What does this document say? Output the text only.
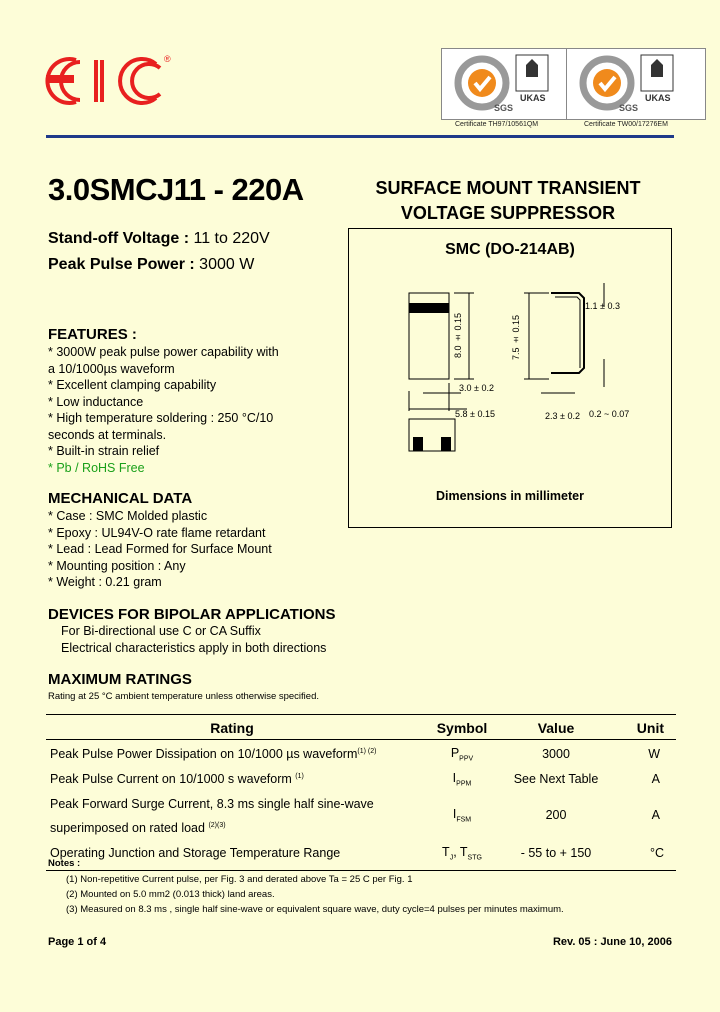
®
SGS
UKAS
SGS
UKAS
Certificate TH97/10561QM	Certificate TW00/17276EM
3.0SMCJ11 - 220A	SURFACE MOUNT TRANSIENT
VOLTAGE SUPPRESSOR
Stand-off Voltage : 11 to 220V
Peak Pulse Power : 3000 W
SMC (DO-214AB)
8.0 ± 0.15
3.0 ± 0.2
5.8 ± 0.15
7.5 ± 0.15
1.1 ± 0.3
2.3 ± 0.2 0.2 ~ 0.07
Dimensions in millimeter
FEATURES :
* 3000W peak pulse power capability with
a 10/1000µs waveform
* Excellent clamping capability
* Low inductance
* High temperature soldering : 250 °C/10
seconds at terminals.
* Built-in strain relief
* Pb / RoHS Free
MECHANICAL DATA
* Case : SMC Molded plastic
* Epoxy : UL94V-O rate flame retardant
* Lead : Lead Formed for Surface Mount
* Mounting position : Any
* Weight : 0.21 gram
DEVICES FOR BIPOLAR APPLICATIONS
For Bi-directional use C or CA Suffix
Electrical characteristics apply in both directions
MAXIMUM RATINGS
Rating at 25 °C ambient temperature unless otherwise specified.
Rating	Symbol	Value	Unit
Peak Pulse Power Dissipation on 10/1000 µs waveform$^{(1) (2)}$	$P_{PPV}$	3000	W
Peak Pulse Current on 10/1000 s waveform $^{(1)}$	$I_{PPM}$	See Next Table	A
Peak Forward Surge Current, 8.3 ms single half sine-wave
superimposed on rated load $^{(2)(3)}$	$I_{FSM}$	200	A
Operating Junction and Storage Temperature Range	$T_J$, $T_{STG}$	- 55 to + 150	°C
Notes :
(1) Non-repetitive Current pulse, per Fig. 3 and derated above Ta = 25 C per Fig. 1
(2) Mounted on 5.0 mm2 (0.013 thick) land areas.
(3) Measured on 8.3 ms , single half sine-wave or equivalent square wave, duty cycle=4 pulses per minutes maximum.
Page 1 of 4	Rev. 05 : June 10, 2006
